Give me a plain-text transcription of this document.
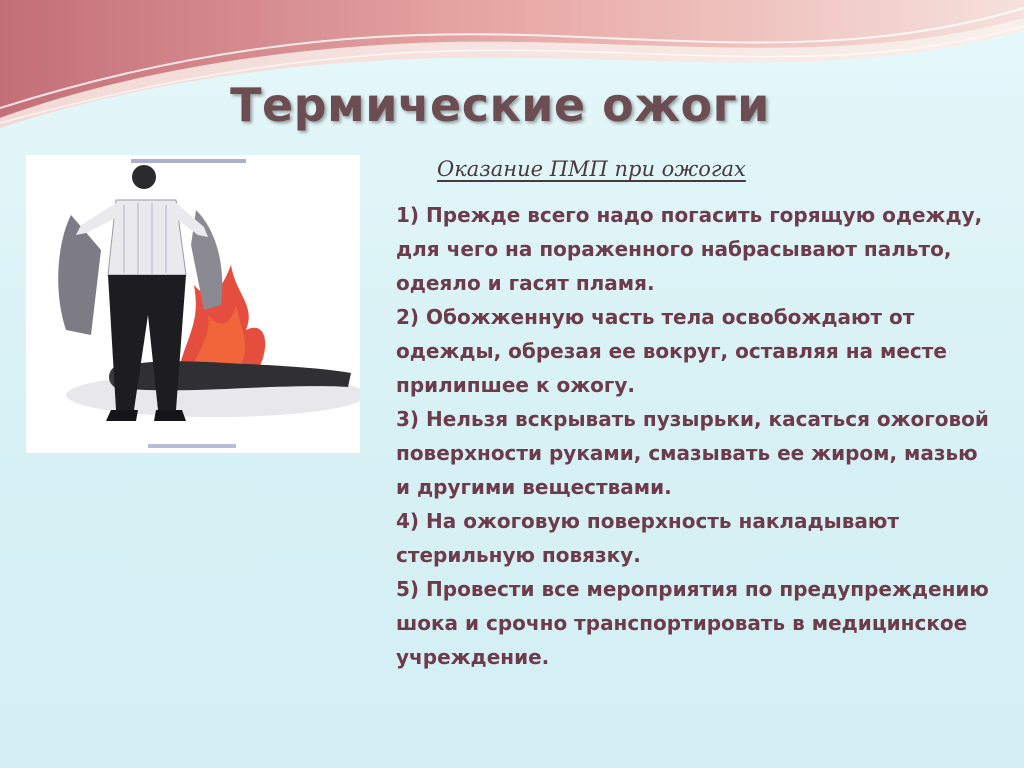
Термические ожоги
Оказание ПМП при ожогах
1) Прежде всего надо погасить горящую одежду, для чего на пораженного набрасывают пальто, одеяло и гасят пламя.
2) Обожженную часть тела освобождают от одежды, обрезая ее вокруг, оставляя на месте прилипшее к ожогу.
3) Нельзя вскрывать пузырьки, касаться ожоговой поверхности руками, смазывать ее жиром, мазью и другими веществами.
4) На ожоговую поверхность накладывают стерильную повязку.
5) Провести все мероприятия по предупреждению шока и срочно транспортировать в медицинское учреждение.
